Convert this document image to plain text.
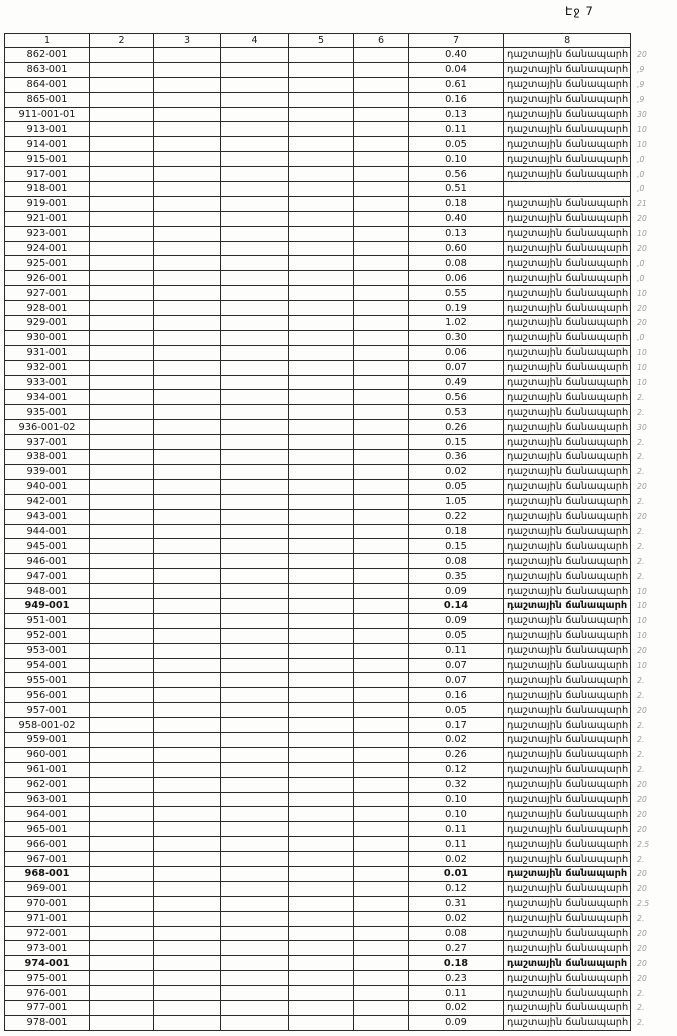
Էջ 7
1	2	3	4	5	6	7	8	
862-001						0.40	դաշտային ճանապարհ	20
863-001						0.04	դաշտային ճանապարհ	,9
864-001						0.61	դաշտային ճանապարհ	,9
865-001						0.16	դաշտային ճանապարհ	,9
911-001-01						0.13	դաշտային ճանապարհ	30
913-001						0.11	դաշտային ճանապարհ	10
914-001						0.05	դաշտային ճանապարհ	10
915-001						0.10	դաշտային ճանապարհ	,0
917-001						0.56	դաշտային ճանապարհ	,0
918-001						0.51		,0
919-001						0.18	դաշտային ճանապարհ	21
921-001						0.40	դաշտային ճանապարհ	20
923-001						0.13	դաշտային ճանապարհ	10
924-001						0.60	դաշտային ճանապարհ	20
925-001						0.08	դաշտային ճանապարհ	,0
926-001						0.06	դաշտային ճանապարհ	,0
927-001						0.55	դաշտային ճանապարհ	10
928-001						0.19	դաշտային ճանապարհ	20
929-001						1.02	դաշտային ճանապարհ	20
930-001						0.30	դաշտային ճանապարհ	,0
931-001						0.06	դաշտային ճանապարհ	10
932-001						0.07	դաշտային ճանապարհ	10
933-001						0.49	դաշտային ճանապարհ	10
934-001						0.56	դաշտային ճանապարհ	2.
935-001						0.53	դաշտային ճանապարհ	2.
936-001-02						0.26	դաշտային ճանապարհ	30
937-001						0.15	դաշտային ճանապարհ	2.
938-001						0.36	դաշտային ճանապարհ	2.
939-001						0.02	դաշտային ճանապարհ	2.
940-001						0.05	դաշտային ճանապարհ	20
942-001						1.05	դաշտային ճանապարհ	2.
943-001						0.22	դաշտային ճանապարհ	20
944-001						0.18	դաշտային ճանապարհ	2.
945-001						0.15	դաշտային ճանապարհ	2.
946-001						0.08	դաշտային ճանապարհ	2.
947-001						0.35	դաշտային ճանապարհ	2.
948-001						0.09	դաշտային ճանապարհ	10
949-001						0.14	դաշտային ճանապարհ	10
951-001						0.09	դաշտային ճանապարհ	10
952-001						0.05	դաշտային ճանապարհ	10
953-001						0.11	դաշտային ճանապարհ	20
954-001						0.07	դաշտային ճանապարհ	10
955-001						0.07	դաշտային ճանապարհ	2.
956-001						0.16	դաշտային ճանապարհ	2.
957-001						0.05	դաշտային ճանապարհ	20
958-001-02						0.17	դաշտային ճանապարհ	2.
959-001						0.02	դաշտային ճանապարհ	2.
960-001						0.26	դաշտային ճանապարհ	2.
961-001						0.12	դաշտային ճանապարհ	2.
962-001						0.32	դաշտային ճանապարհ	20
963-001						0.10	դաշտային ճանապարհ	20
964-001						0.10	դաշտային ճանապարհ	20
965-001						0.11	դաշտային ճանապարհ	20
966-001						0.11	դաշտային ճանապարհ	2.5
967-001						0.02	դաշտային ճանապարհ	2.
968-001						0.01	դաշտային ճանապարհ	20
969-001						0.12	դաշտային ճանապարհ	20
970-001						0.31	դաշտային ճանապարհ	2.5
971-001						0.02	դաշտային ճանապարհ	2.
972-001						0.08	դաշտային ճանապարհ	20
973-001						0.27	դաշտային ճանապարհ	20
974-001						0.18	դաշտային ճանապարհ	20
975-001						0.23	դաշտային ճանապարհ	20
976-001						0.11	դաշտային ճանապարհ	2.
977-001						0.02	դաշտային ճանապարհ	2.
978-001						0.09	դաշտային ճանապարհ	2.
